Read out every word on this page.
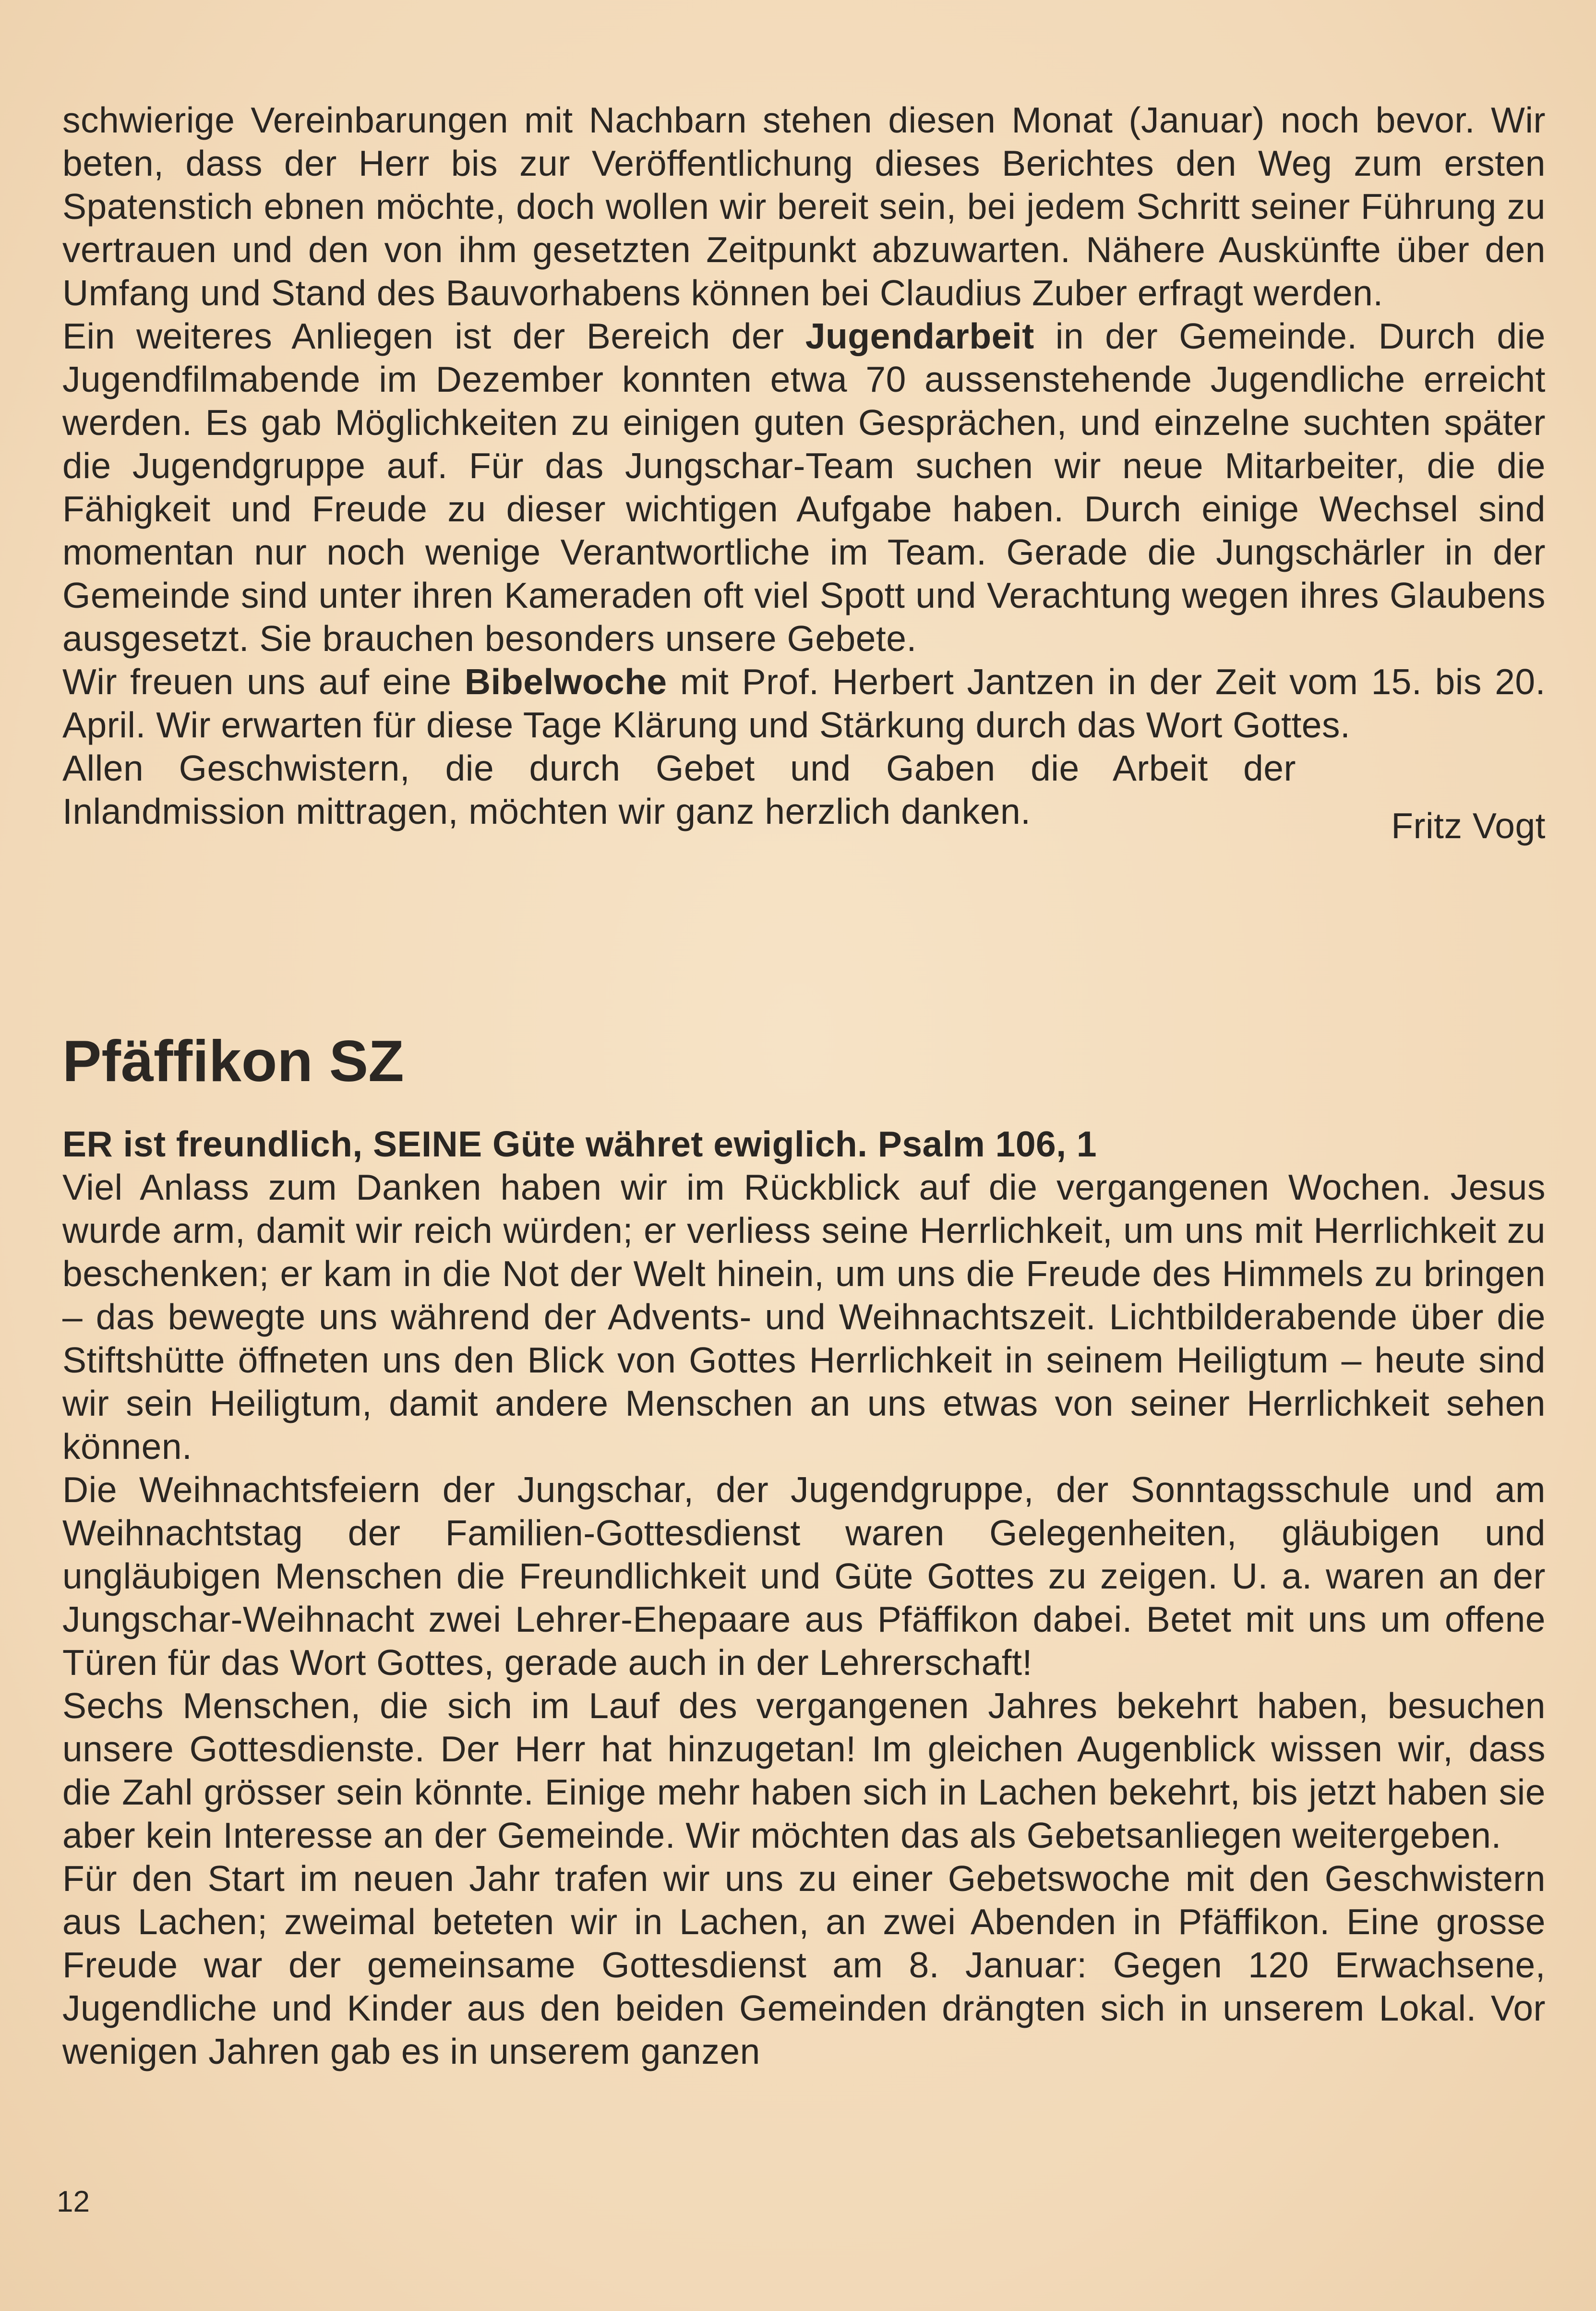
schwierige Vereinbarungen mit Nachbarn stehen diesen Monat (Januar) noch bevor. Wir beten, dass der Herr bis zur Veröffentlichung dieses Berichtes den Weg zum ersten Spatenstich ebnen möchte, doch wollen wir bereit sein, bei jedem Schritt seiner Führung zu vertrauen und den von ihm gesetzten Zeitpunkt abzuwarten. Nähere Auskünfte über den Umfang und Stand des Bauvorhabens können bei Claudius Zuber erfragt werden.

Ein weiteres Anliegen ist der Bereich der Jugendarbeit in der Gemeinde. Durch die Jugendfilmabende im Dezember konnten etwa 70 aussenstehende Jugendliche erreicht werden. Es gab Möglichkeiten zu einigen guten Gesprächen, und einzelne suchten später die Jugendgruppe auf. Für das Jungschar-Team suchen wir neue Mitarbeiter, die die Fähigkeit und Freude zu dieser wichtigen Aufgabe haben. Durch einige Wechsel sind momentan nur noch wenige Verantwortliche im Team. Gerade die Jungschärler in der Gemeinde sind unter ihren Kameraden oft viel Spott und Verachtung wegen ihres Glaubens ausgesetzt. Sie brauchen besonders unsere Gebete.

Wir freuen uns auf eine Bibelwoche mit Prof. Herbert Jantzen in der Zeit vom 15. bis 20. April. Wir erwarten für diese Tage Klärung und Stärkung durch das Wort Gottes.

Allen Geschwistern, die durch Gebet und Gaben die Arbeit der Inlandmission mittragen, möchten wir ganz herzlich danken.	Fritz Vogt

Pfäffikon SZ

ER ist freundlich, SEINE Güte währet ewiglich. Psalm 106, 1

Viel Anlass zum Danken haben wir im Rückblick auf die vergangenen Wochen. Jesus wurde arm, damit wir reich würden; er verliess seine Herrlichkeit, um uns mit Herrlichkeit zu beschenken; er kam in die Not der Welt hinein, um uns die Freude des Himmels zu bringen – das bewegte uns während der Advents- und Weihnachtszeit. Lichtbilderabende über die Stiftshütte öffneten uns den Blick von Gottes Herrlichkeit in seinem Heiligtum – heute sind wir sein Heiligtum, damit andere Menschen an uns etwas von seiner Herrlichkeit sehen können.

Die Weihnachtsfeiern der Jungschar, der Jugendgruppe, der Sonntagsschule und am Weihnachtstag der Familien-Gottesdienst waren Gelegenheiten, gläubigen und ungläubigen Menschen die Freundlichkeit und Güte Gottes zu zeigen. U. a. waren an der Jungschar-Weihnacht zwei Lehrer-Ehepaare aus Pfäffikon dabei. Betet mit uns um offene Türen für das Wort Gottes, gerade auch in der Lehrerschaft!

Sechs Menschen, die sich im Lauf des vergangenen Jahres bekehrt haben, besuchen unsere Gottesdienste. Der Herr hat hinzugetan! Im gleichen Augenblick wissen wir, dass die Zahl grösser sein könnte. Einige mehr haben sich in Lachen bekehrt, bis jetzt haben sie aber kein Interesse an der Gemeinde. Wir möchten das als Gebetsanliegen weitergeben.

Für den Start im neuen Jahr trafen wir uns zu einer Gebetswoche mit den Geschwistern aus Lachen; zweimal beteten wir in Lachen, an zwei Abenden in Pfäffikon. Eine grosse Freude war der gemeinsame Gottesdienst am 8. Januar: Gegen 120 Erwachsene, Jugendliche und Kinder aus den beiden Gemeinden drängten sich in unserem Lokal. Vor wenigen Jahren gab es in unserem ganzen

12
